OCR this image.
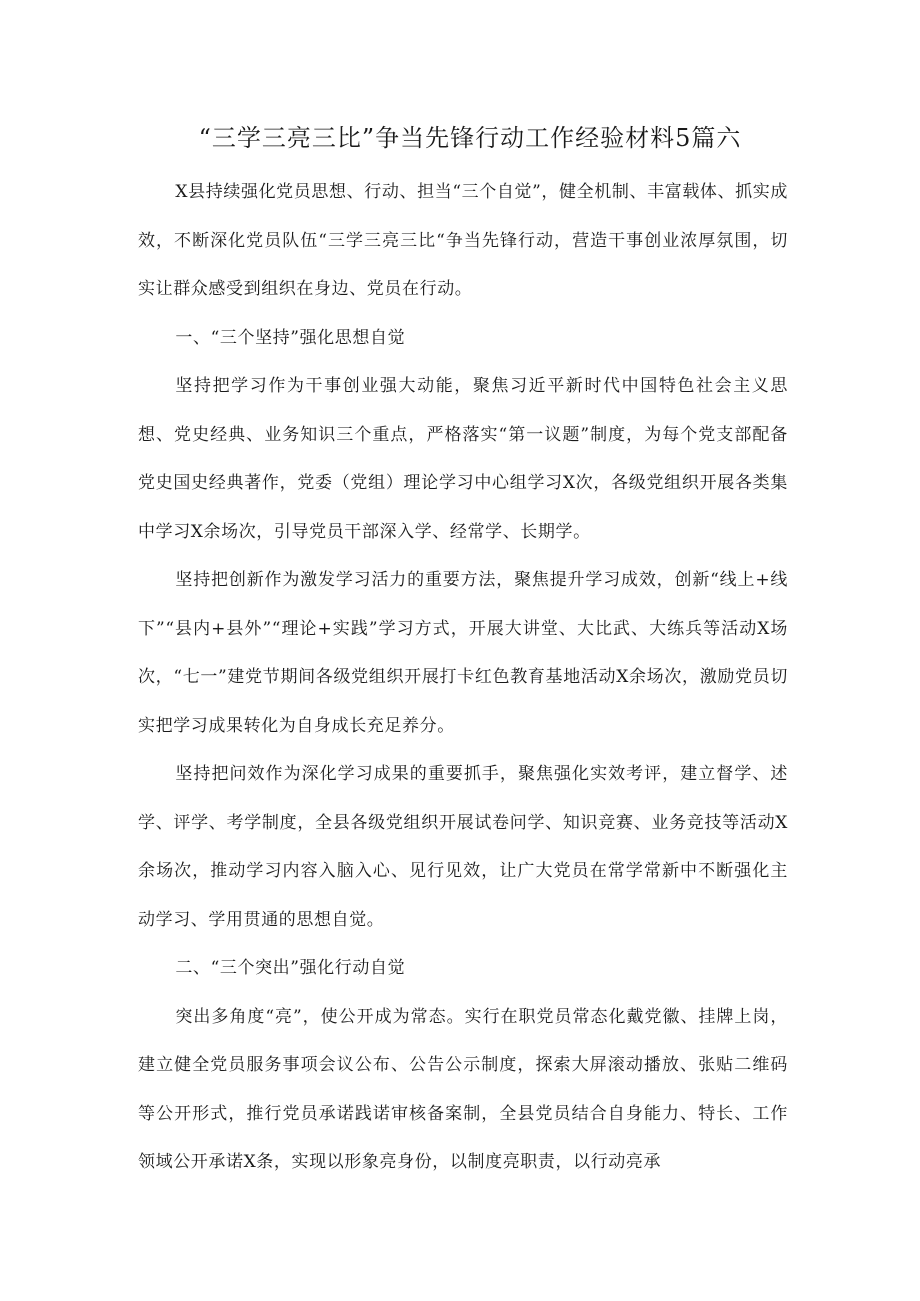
“三学三亮三比”争当先锋行动工作经验材料5篇六

X县持续强化党员思想、行动、担当“三个自觉”，健全机制、丰富载体、抓实成效，不断深化党员队伍“三学三亮三比“争当先锋行动，营造干事创业浓厚氛围，切实让群众感受到组织在身边、党员在行动。

一、“三个坚持”强化思想自觉

坚持把学习作为干事创业强大动能，聚焦习近平新时代中国特色社会主义思想、党史经典、业务知识三个重点，严格落实“第一议题”制度，为每个党支部配备党史国史经典著作，党委（党组）理论学习中心组学习X次，各级党组织开展各类集中学习X余场次，引导党员干部深入学、经常学、长期学。

坚持把创新作为激发学习活力的重要方法，聚焦提升学习成效，创新“线上+线下”“县内+县外”“理论+实践”学习方式，开展大讲堂、大比武、大练兵等活动X场次，“七一”建党节期间各级党组织开展打卡红色教育基地活动X余场次，激励党员切实把学习成果转化为自身成长充足养分。

坚持把问效作为深化学习成果的重要抓手，聚焦强化实效考评，建立督学、述学、评学、考学制度，全县各级党组织开展试卷问学、知识竞赛、业务竞技等活动X余场次，推动学习内容入脑入心、见行见效，让广大党员在常学常新中不断强化主动学习、学用贯通的思想自觉。

二、“三个突出”强化行动自觉

突出多角度“亮”，使公开成为常态。实行在职党员常态化戴党徽、挂牌上岗，建立健全党员服务事项会议公布、公告公示制度，探索大屏滚动播放、张贴二维码等公开形式，推行党员承诺践诺审核备案制，全县党员结合自身能力、特长、工作领域公开承诺X条，实现以形象亮身份，以制度亮职责，以行动亮承
